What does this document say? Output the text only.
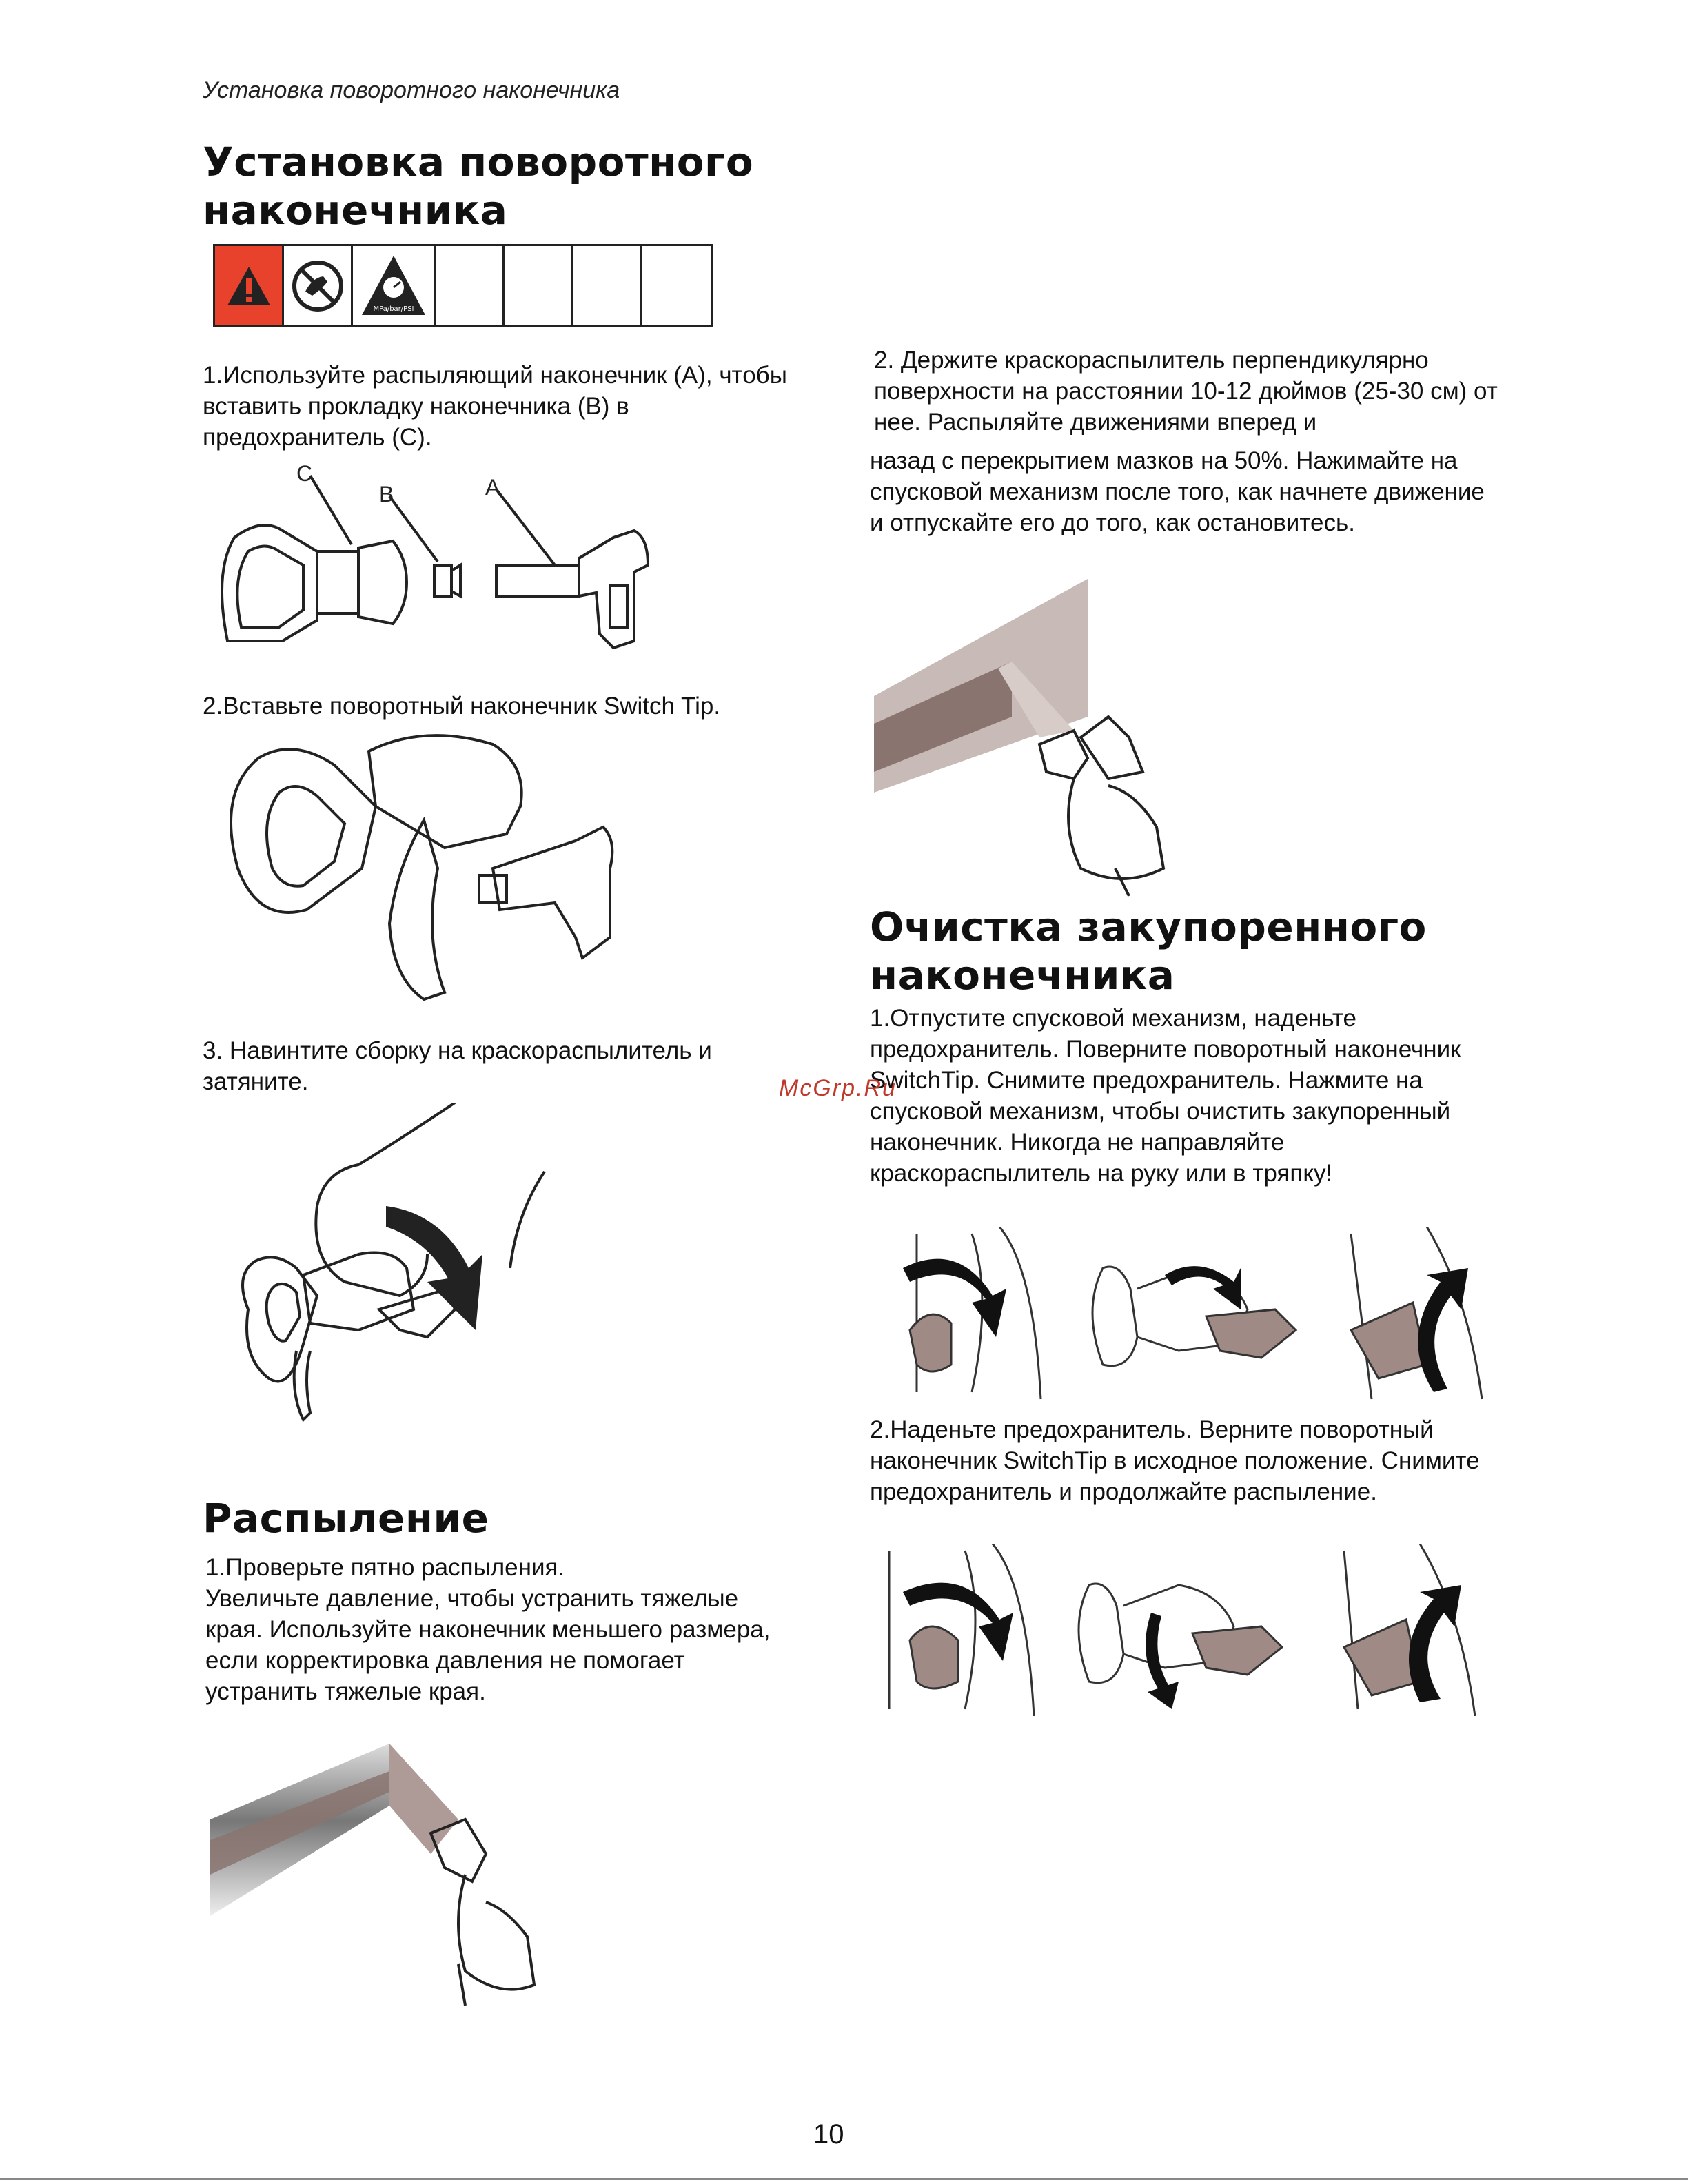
Установка поворотного наконечника
Установка поворотного
наконечника
MPa/bar/PSI
1.Используйте распыляющий наконечник (A), чтобы вставить прокладку наконечника (B) в предохранитель (C).
C
B	A
2.Вставьте поворотный наконечник Switch Tip.
3. Навинтите сборку на краскораспылитель и затяните.
Распыление

1.Проверьте пятно распыления.

Увеличьте давление, чтобы устранить тяжелые края. Используйте наконечник меньшего размера, если корректировка давления не помогает устранить тяжелые края.

2. Держите краскораспылитель перпендикулярно поверхности на расстоянии 10-12 дюймов (25-30 см) от нее. Распыляйте движениями вперед и
назад с перекрытием мазков на 50%. Нажимайте на спусковой механизм после того, как начнете движение и отпускайте его до того, как остановитесь.
Очистка закупоренного
наконечника
1.Отпустите спусковой механизм, наденьте предохранитель. Поверните поворотный наконечник SwitchTip. Снимите предохранитель. Нажмите на спусковой механизм, чтобы очистить закупоренный наконечник. Никогда не направляйте краскораспылитель на руку или в тряпку!
2.Наденьте предохранитель. Верните поворотный наконечник SwitchTip в исходное положение. Снимите предохранитель и продолжайте распыление.
McGrp.Ru
10
